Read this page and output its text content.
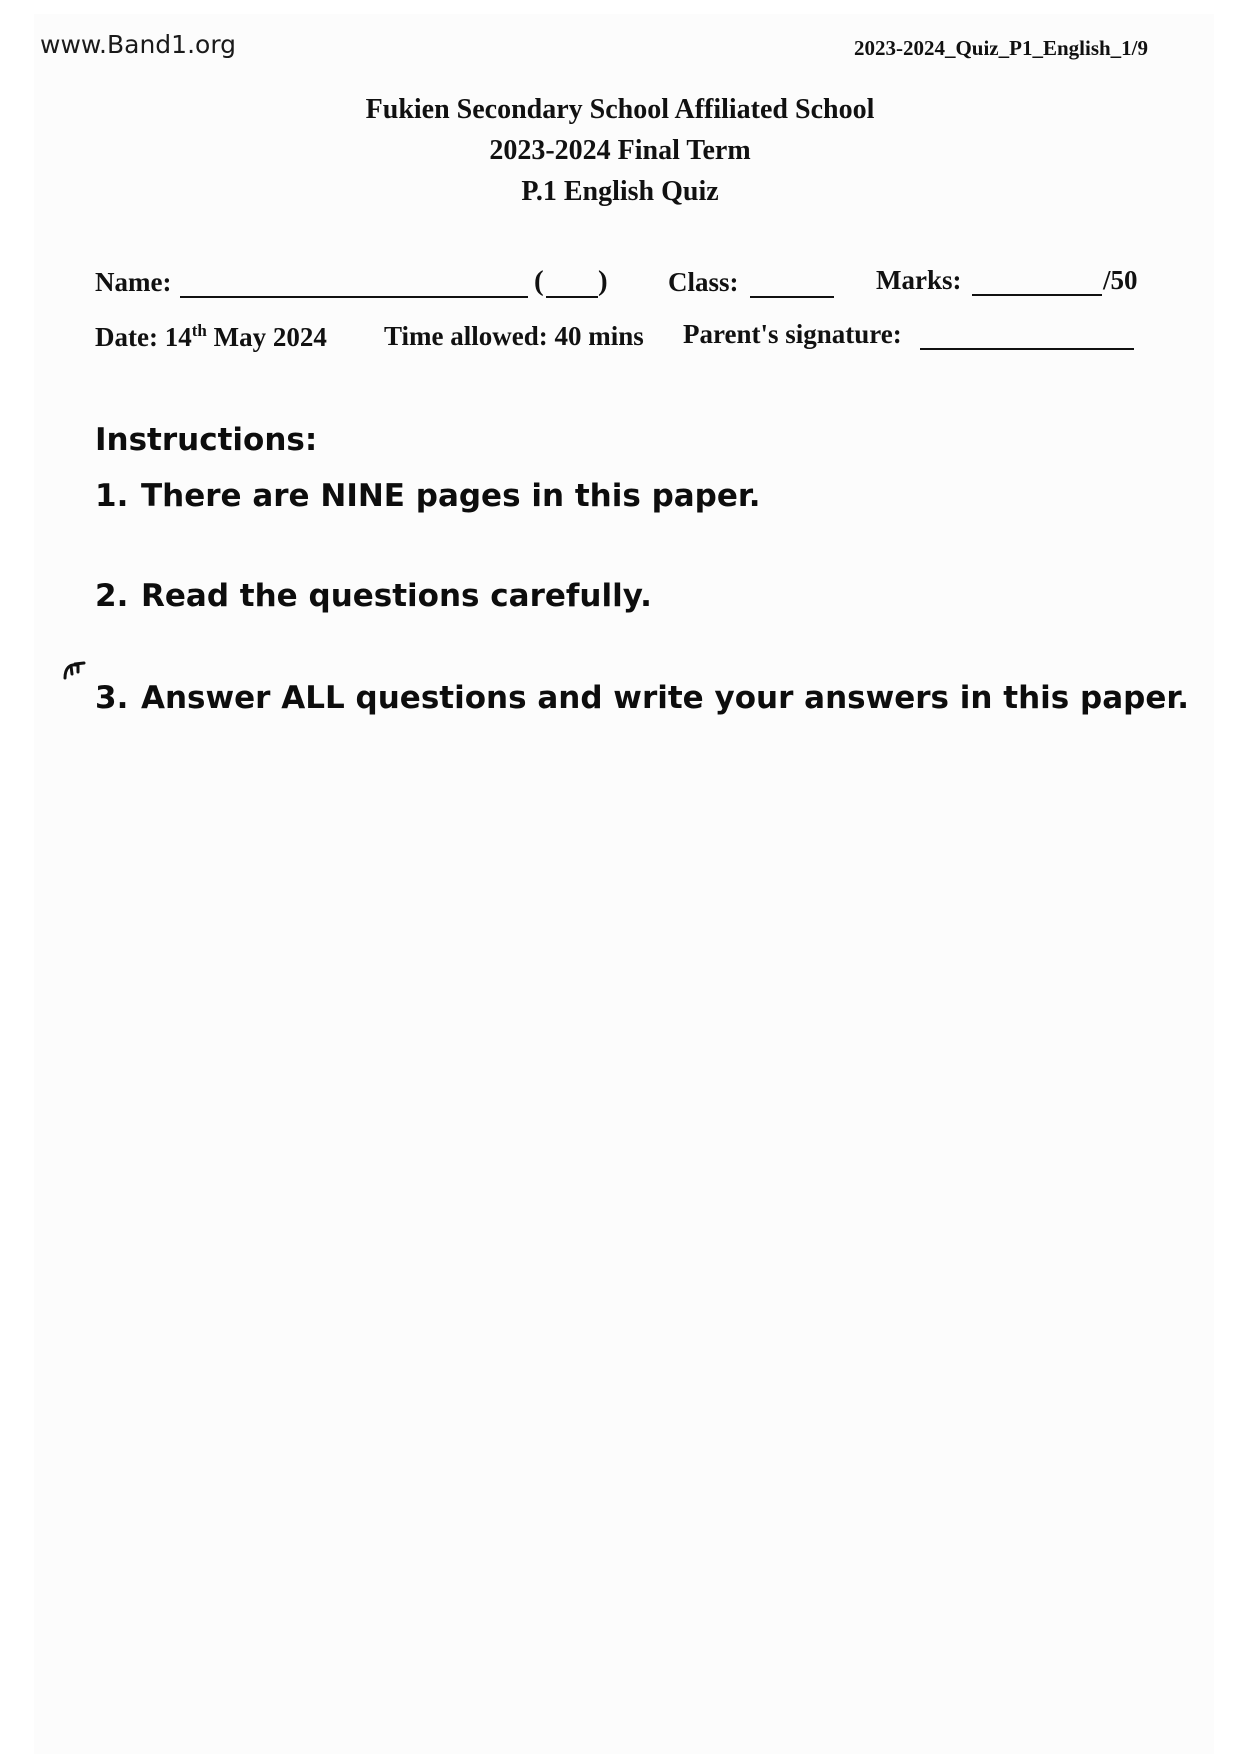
www.Band1.org	2023-2024_Quiz_P1_English_1/9
Fukien Secondary School Affiliated School
2023-2024 Final Term
P.1 English Quiz
Name:	( ) Class:	Marks:	/50
Date: 14th May 2024 Time allowed: 40 mins Parent's signature:
Instructions:
1. There are NINE pages in this paper.
2. Read the questions carefully.
3. Answer ALL questions and write your answers in this paper.
